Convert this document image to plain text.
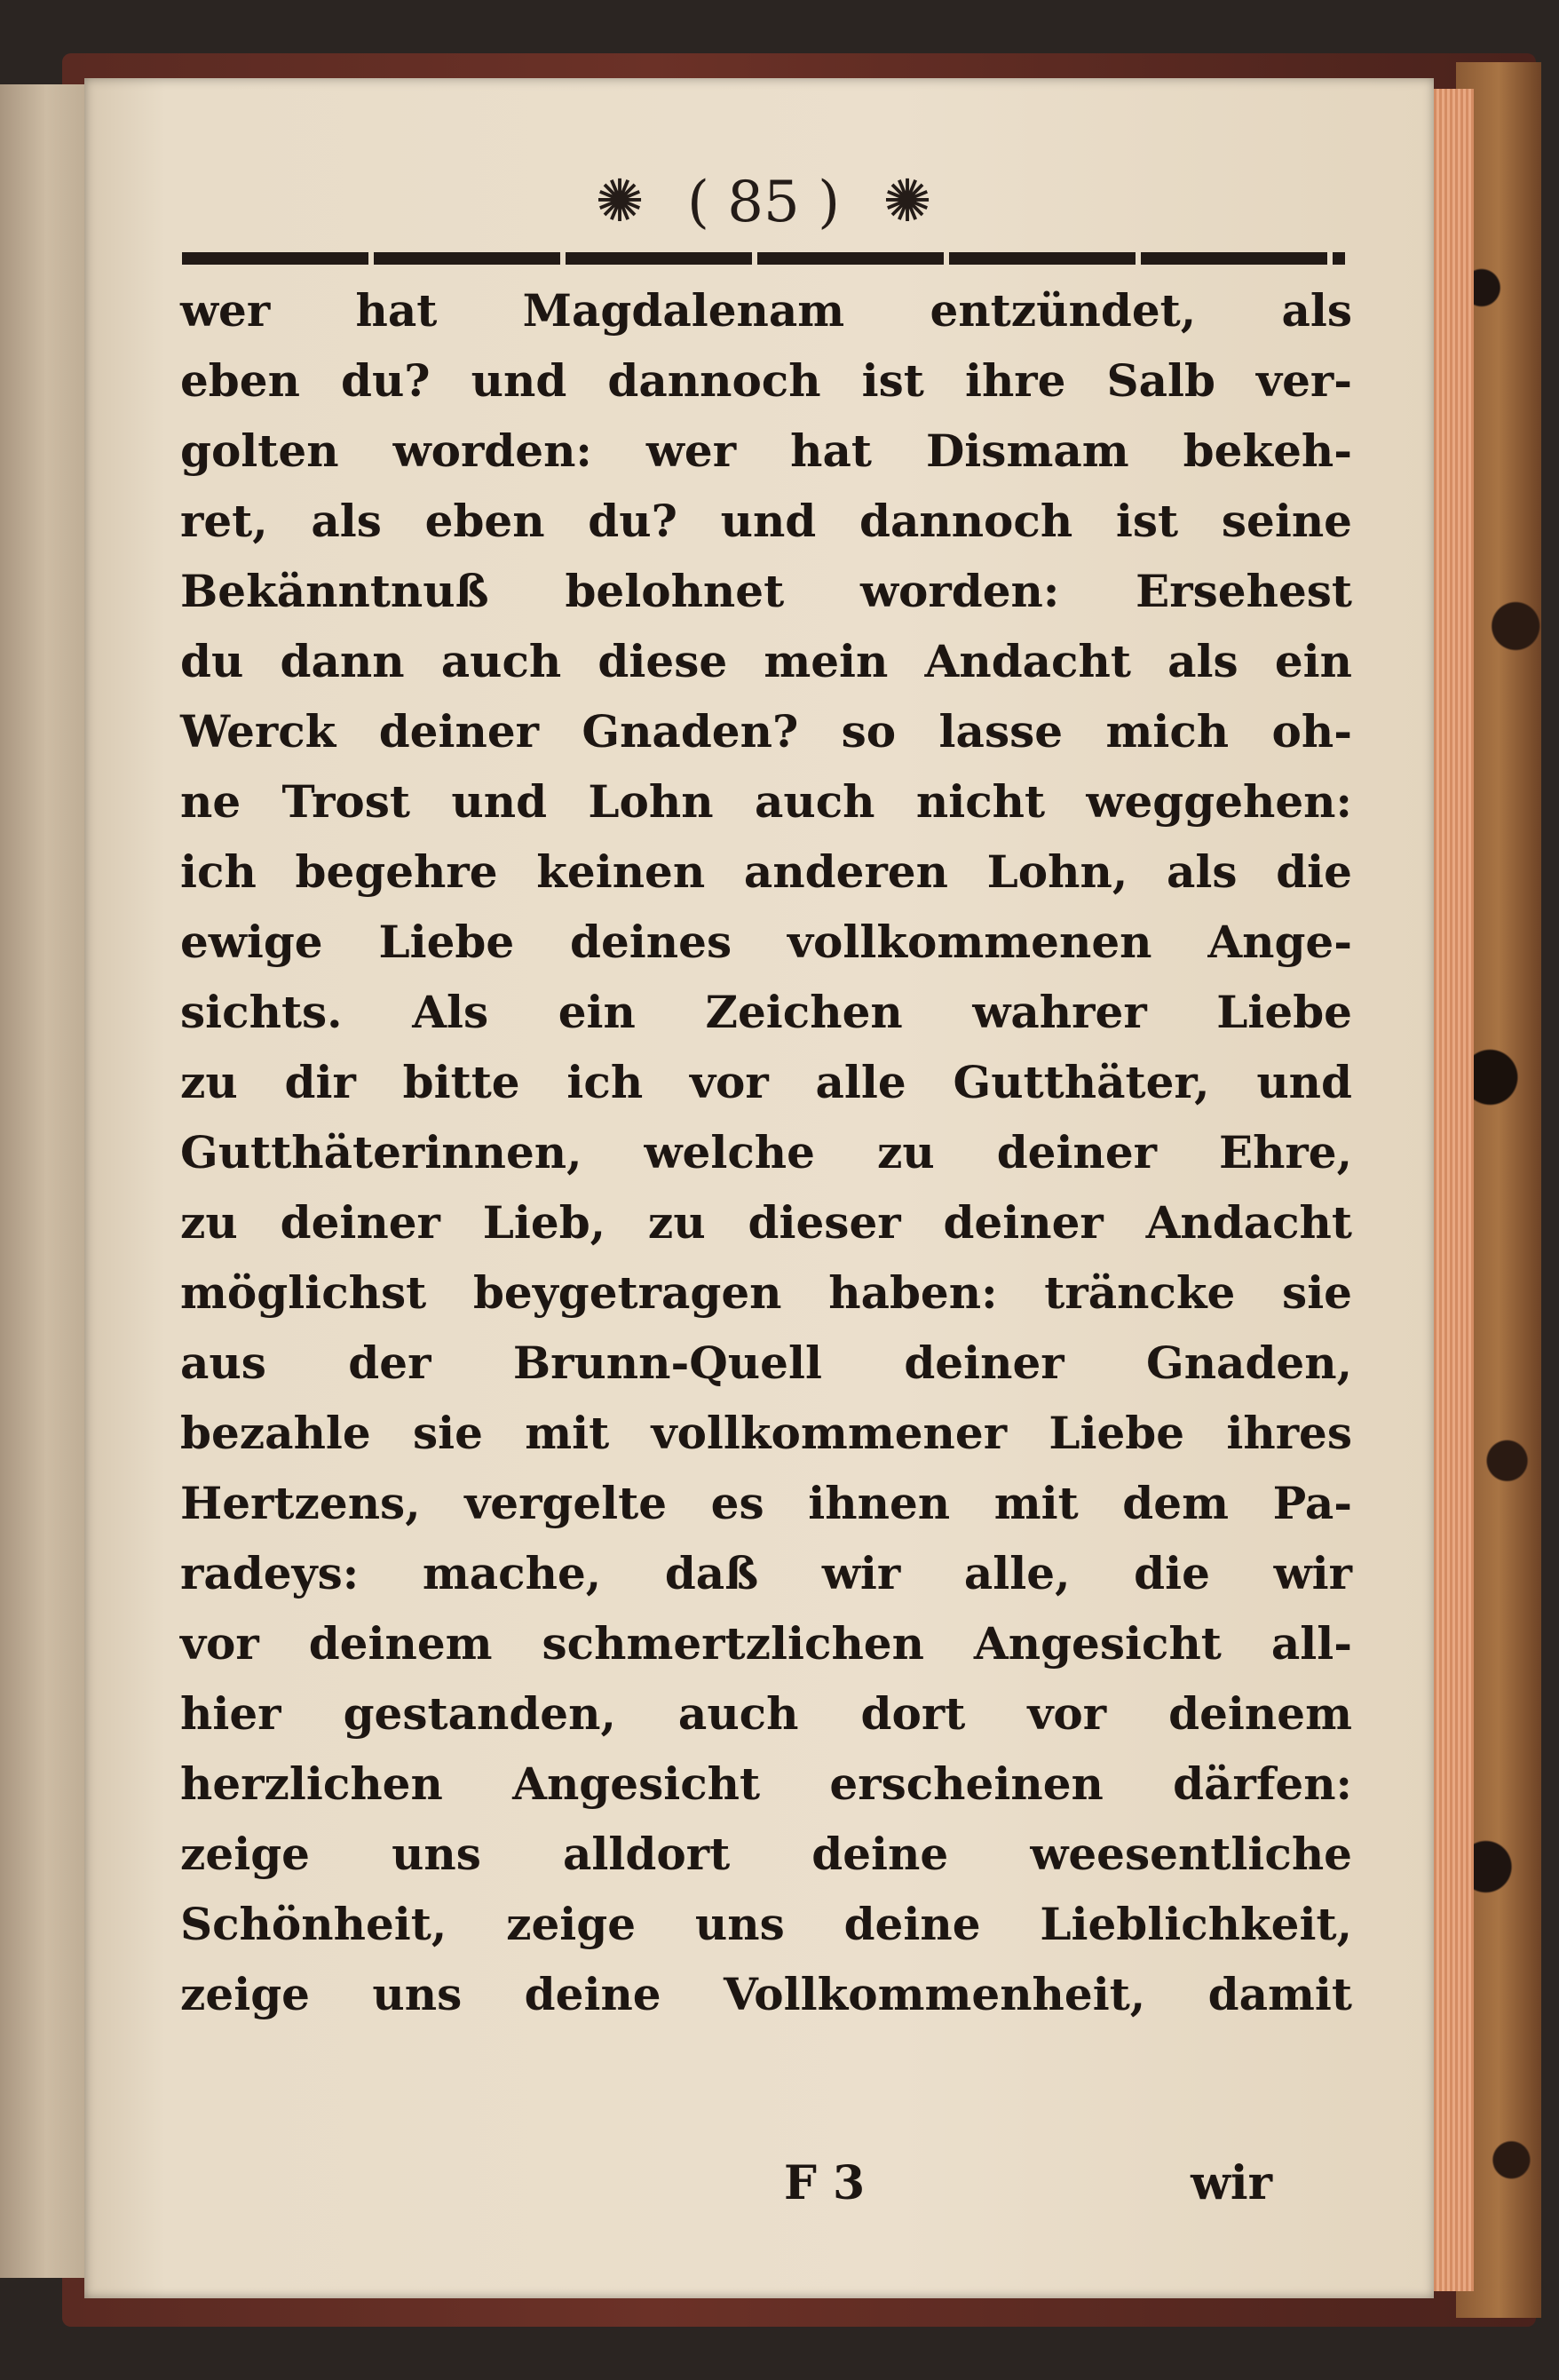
✺ ( 85 ) ✺
wer hat Magdalenam entzündet, als
eben du? und dannoch ist ihre Salb ver-
golten worden: wer hat Dismam bekeh-
ret, als eben du? und dannoch ist seine
Bekänntnuß belohnet worden: Ersehest
du dann auch diese mein Andacht als ein
Werck deiner Gnaden? so lasse mich oh-
ne Trost und Lohn auch nicht weggehen:
ich begehre keinen anderen Lohn, als die
ewige Liebe deines vollkommenen Ange-
sichts. Als ein Zeichen wahrer Liebe
zu dir bitte ich vor alle Gutthäter, und
Gutthäterinnen, welche zu deiner Ehre,
zu deiner Lieb, zu dieser deiner Andacht
möglichst beygetragen haben: träncke sie
aus der Brunn-Quell deiner Gnaden,
bezahle sie mit vollkommener Liebe ihres
Hertzens, vergelte es ihnen mit dem Pa-
radeys: mache, daß wir alle, die wir
vor deinem schmertzlichen Angesicht all-
hier gestanden, auch dort vor deinem
herzlichen Angesicht erscheinen därfen:
zeige uns alldort deine weesentliche
Schönheit, zeige uns deine Lieblichkeit,
zeige uns deine Vollkommenheit, damit
F 3	wir
